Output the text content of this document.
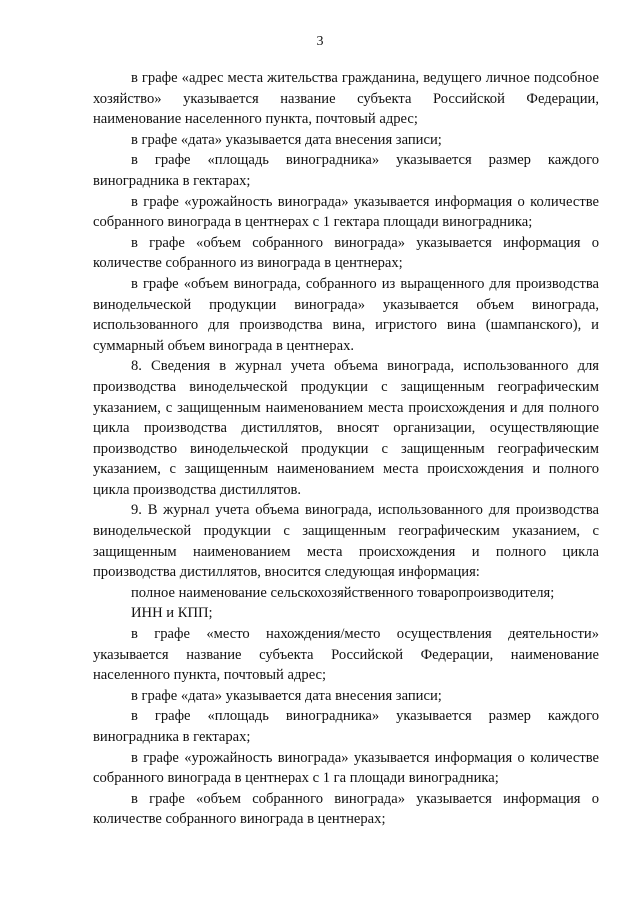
3

в графе «адрес места жительства гражданина, ведущего личное подсобное хозяйство» указывается название субъекта Российской Федерации, наименование населенного пункта, почтовый адрес;

в графе «дата» указывается дата внесения записи;

в графе «площадь виноградника» указывается размер каждого виноградника в гектарах;

в графе «урожайность винограда» указывается информация о количестве собранного винограда в центнерах с 1 гектара площади виноградника;

в графе «объем собранного винограда» указывается информация о количестве собранного из винограда в центнерах;

в графе «объем винограда, собранного из выращенного для производства винодельческой продукции винограда» указывается объем винограда, использованного для производства вина, игристого вина (шампанского), и суммарный объем винограда в центнерах.

8. Сведения в журнал учета объема винограда, использованного для производства винодельческой продукции с защищенным географическим указанием, с защищенным наименованием места происхождения и для полного цикла производства дистиллятов, вносят организации, осуществляющие производство винодельческой продукции с защищенным географическим указанием, с защищенным наименованием места происхождения и полного цикла производства дистиллятов.

9. В журнал учета объема винограда, использованного для производства винодельческой продукции с защищенным географическим указанием, с защищенным наименованием места происхождения и полного цикла производства дистиллятов, вносится следующая информация:

полное наименование сельскохозяйственного товаропроизводителя;

ИНН и КПП;

в графе «место нахождения/место осуществления деятельности» указывается название субъекта Российской Федерации, наименование населенного пункта, почтовый адрес;

в графе «дата» указывается дата внесения записи;

в графе «площадь виноградника» указывается размер каждого виноградника в гектарах;

в графе «урожайность винограда» указывается информация о количестве собранного винограда в центнерах с 1 га площади виноградника;

в графе «объем собранного винограда» указывается информация о количестве собранного винограда в центнерах;
